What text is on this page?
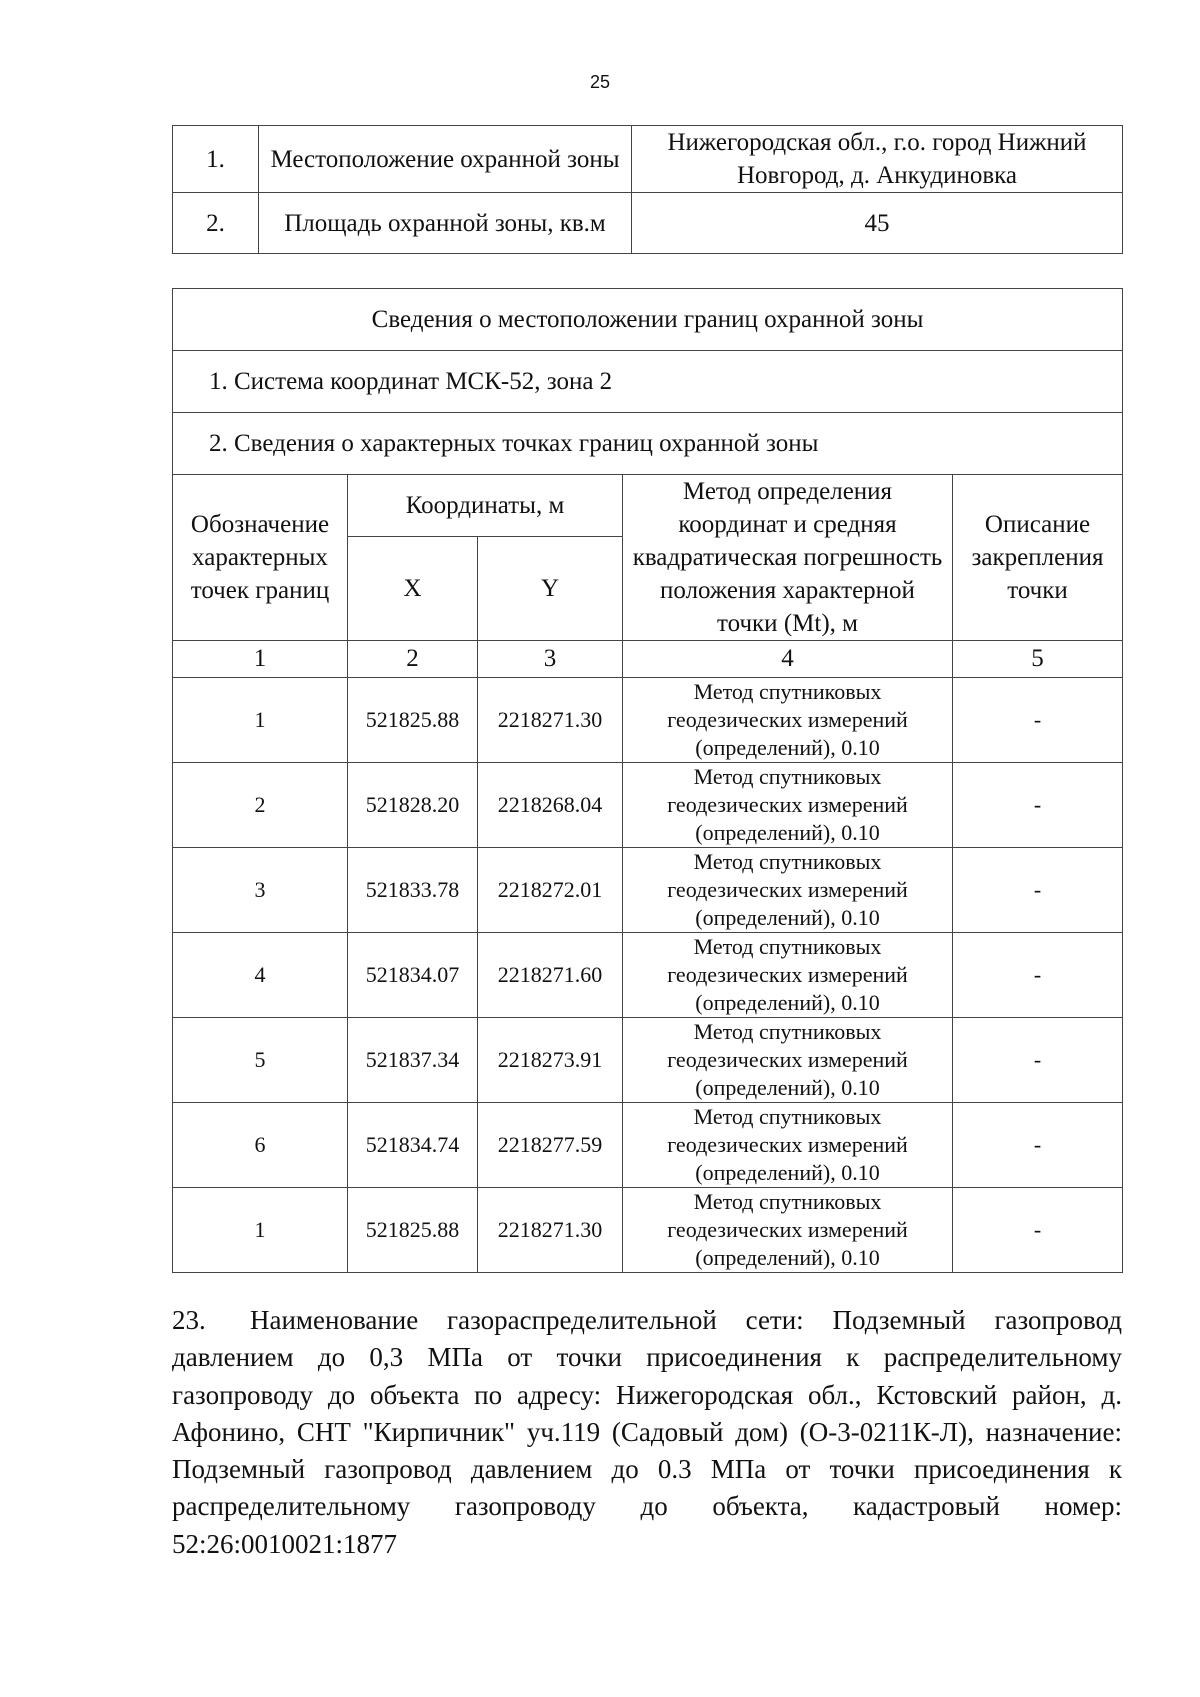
25
1.	Местоположение охранной зоны	Нижегородская обл., г.о. город Нижний Новгород, д. Анкудиновка
2.	Площадь охранной зоны, кв.м	45
Сведения о местоположении границ охранной зоны				
1. Система координат МСК-52, зона 2				
2. Сведения о характерных точках границ охранной зоны				
Обозначение характерных точек границ	Координаты, м		Метод определения координат и средняя квадратическая погрешность положения характерной точки (Mt), м	Описание закрепления точки
	X	Y		
1	2	3	4	5
1	521825.88	2218271.30	Метод спутниковых геодезических измерений (определений), 0.10	-
2	521828.20	2218268.04	Метод спутниковых геодезических измерений (определений), 0.10	-
3	521833.78	2218272.01	Метод спутниковых геодезических измерений (определений), 0.10	-
4	521834.07	2218271.60	Метод спутниковых геодезических измерений (определений), 0.10	-
5	521837.34	2218273.91	Метод спутниковых геодезических измерений (определений), 0.10	-
6	521834.74	2218277.59	Метод спутниковых геодезических измерений (определений), 0.10	-
1	521825.88	2218271.30	Метод спутниковых геодезических измерений (определений), 0.10	-

23. Наименование газораспределительной сети: Подземный газопровод давлением до 0,3 МПа от точки присоединения к распределительному газопроводу до объекта по адресу: Нижегородская обл., Кстовский район, д. Афонино, СНТ "Кирпичник" уч.119 (Садовый дом) (О-3-0211К-Л), назначение: Подземный газопровод давлением до 0.3 МПа от точки присоединения к распределительному газопроводу до объекта, кадастровый номер: 52:26:0010021:1877
